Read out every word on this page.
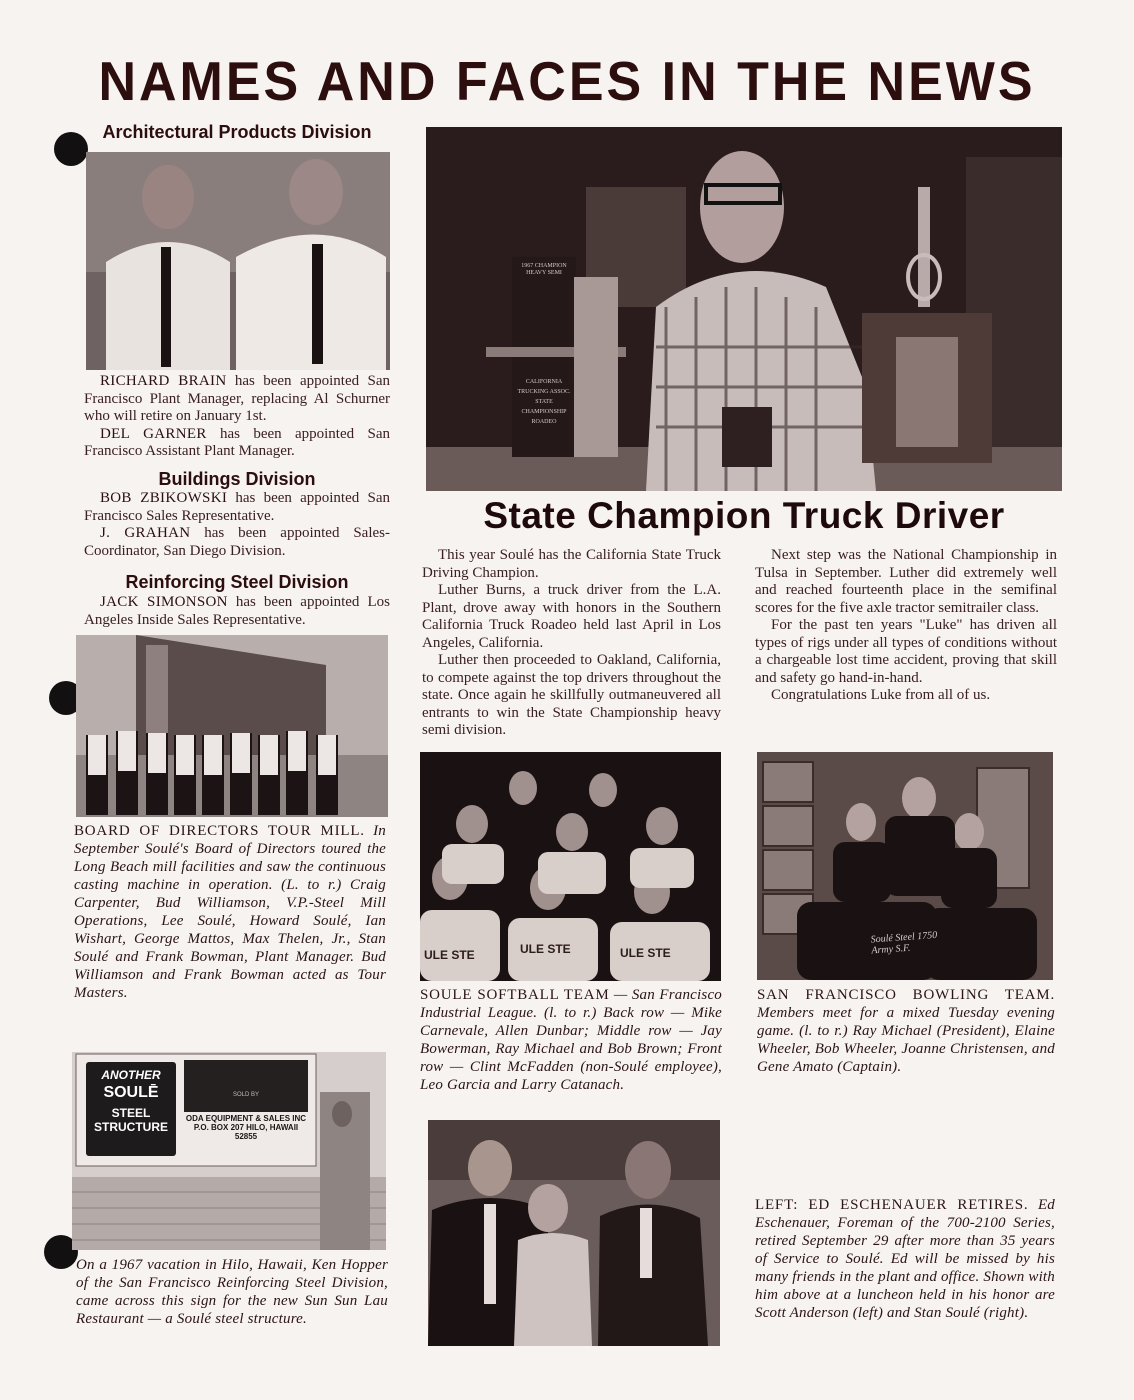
NAMES AND FACES IN THE NEWS
Architectural Products Division

RICHARD BRAIN has been appointed San Francisco Plant Manager, replacing Al Schurner who will retire on January 1st.

DEL GARNER has been appointed San Francisco Assistant Plant Manager.

Buildings Division

BOB ZBIKOWSKI has been appointed San Francisco Sales Representative.

J. GRAHAN has been appointed Sales-Coordinator, San Diego Division.

Reinforcing Steel Division

JACK SIMONSON has been appointed Los Angeles Inside Sales Representative.

BOARD OF DIRECTORS TOUR MILL. In September Soulé's Board of Directors toured the Long Beach mill facilities and saw the continuous casting machine in operation. (L. to r.) Craig Carpenter, Bud Williamson, V.P.-Steel Mill Operations, Lee Soulé, Howard Soulé, Ian Wishart, George Mattos, Max Thelen, Jr., Stan Soulé and Frank Bowman, Plant Manager. Bud Williamson and Frank Bowman acted as Tour Masters.
ANOTHER
SOULĒ
STEEL
STRUCTURE
ODA EQUIPMENT & SALES INC
P.O. BOX 207 HILO, HAWAII
52855
SOLD BY
On a 1967 vacation in Hilo, Hawaii, Ken Hopper of the San Francisco Reinforcing Steel Division, came across this sign for the new Sun Sun Lau Restaurant — a Soulé steel structure.
1967 CHAMPION HEAVY SEMI
CALIFORNIA TRUCKING ASSOC. STATE CHAMPIONSHIP ROADEO
State Champion Truck Driver

This year Soulé has the California State Truck Driving Champion.

Luther Burns, a truck driver from the L.A. Plant, drove away with honors in the Southern California Truck Roadeo held last April in Los Angeles, California.

Luther then proceeded to Oakland, California, to compete against the top drivers throughout the state. Once again he skillfully outmaneuvered all entrants to win the State Championship heavy semi division.

Next step was the National Championship in Tulsa in September. Luther did extremely well and reached fourteenth place in the semifinal scores for the five axle tractor semitrailer class.

For the past ten years "Luke" has driven all types of rigs under all types of conditions without a chargeable lost time accident, proving that skill and safety go hand-in-hand.

Congratulations Luke from all of us.

ULE STE	ULE STE	ULE STE
SOULE SOFTBALL TEAM — San Francisco Industrial League. (l. to r.) Back row — Mike Carnevale, Allen Dunbar; Middle row — Jay Bowerman, Ray Michael and Bob Brown; Front row — Clint McFadden (non-Soulé employee), Leo Garcia and Larry Catanach.
Soulé Steel 1750 Army S.F.
SAN FRANCISCO BOWLING TEAM. Members meet for a mixed Tuesday evening game. (l. to r.) Ray Michael (President), Elaine Wheeler, Bob Wheeler, Joanne Christensen, and Gene Amato (Captain).
LEFT: ED ESCHENAUER RETIRES. Ed Eschenauer, Foreman of the 700-2100 Series, retired September 29 after more than 35 years of Service to Soulé. Ed will be missed by his many friends in the plant and office. Shown with him above at a luncheon held in his honor are Scott Anderson (left) and Stan Soulé (right).
